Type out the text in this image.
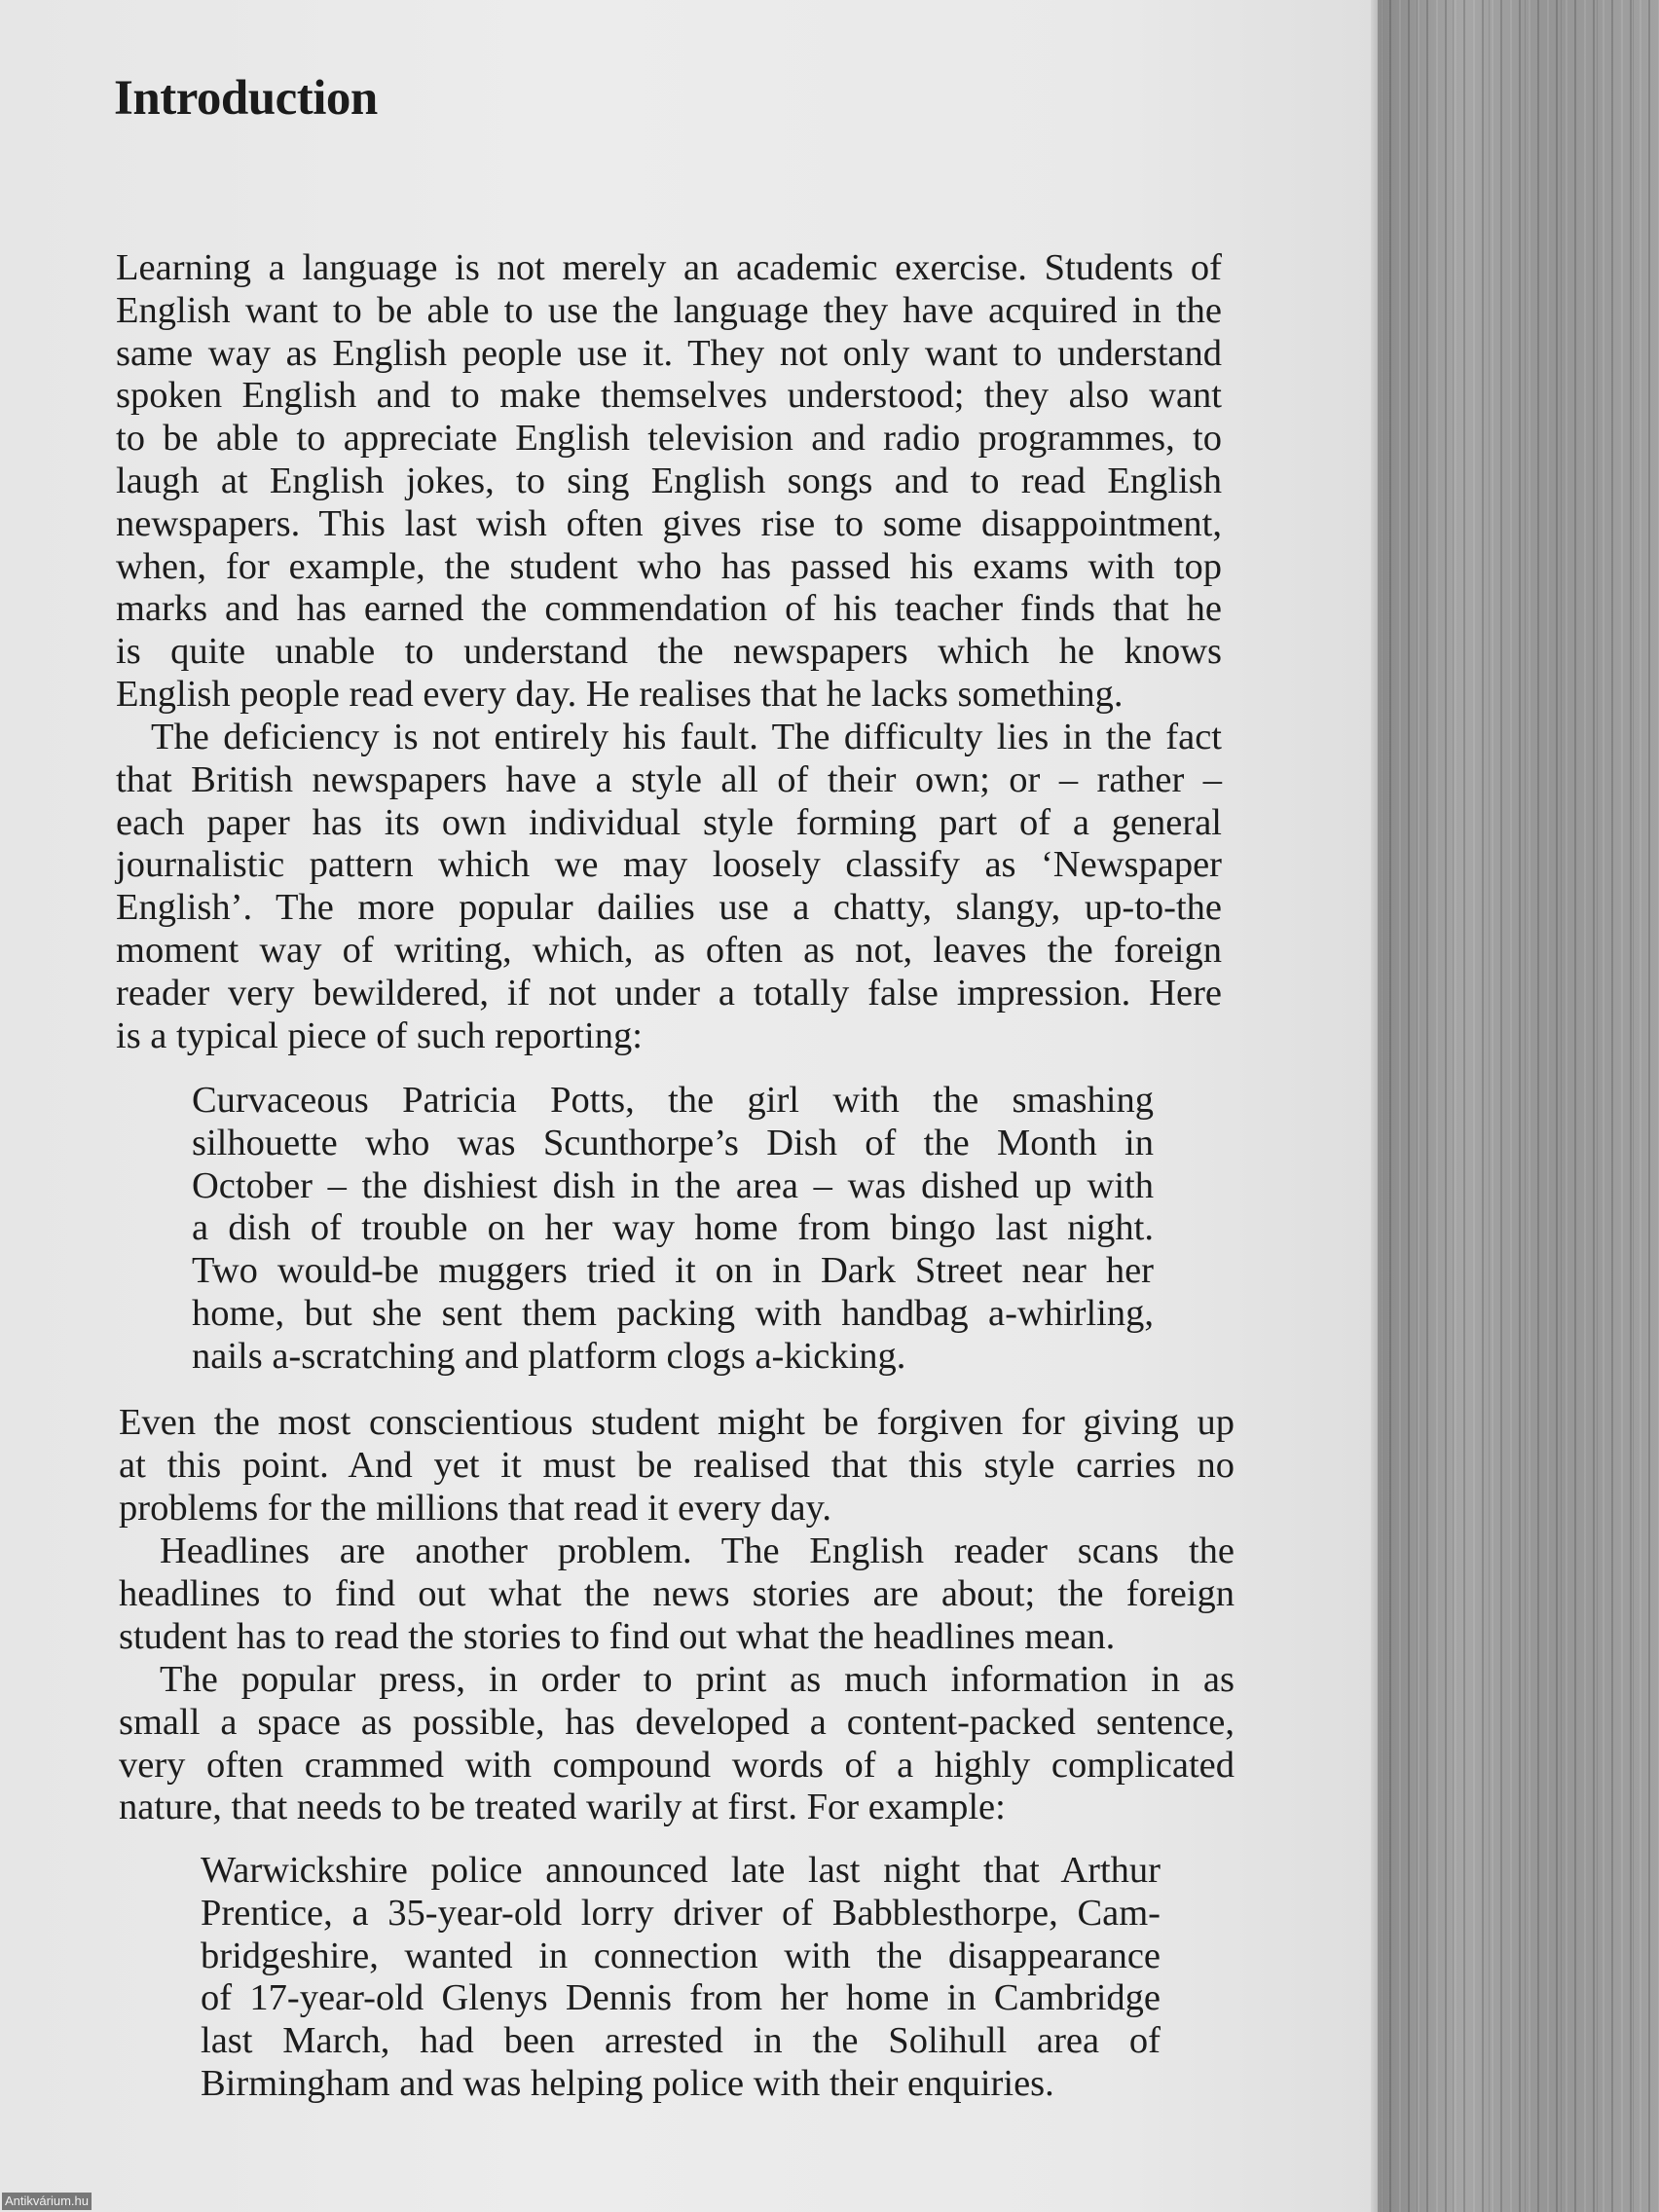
Introduction
Learning a language is not merely an academic exercise. Students of
English want to be able to use the language they have acquired in the
same way as English people use it. They not only want to understand
spoken English and to make themselves understood; they also want
to be able to appreciate English television and radio programmes, to
laugh at English jokes, to sing English songs and to read English
newspapers. This last wish often gives rise to some disappointment,
when, for example, the student who has passed his exams with top
marks and has earned the commendation of his teacher finds that he
is quite unable to understand the newspapers which he knows
English people read every day. He realises that he lacks something.
The deficiency is not entirely his fault. The difficulty lies in the fact
that British newspapers have a style all of their own; or – rather –
each paper has its own individual style forming part of a general
journalistic pattern which we may loosely classify as ‘Newspaper
English’. The more popular dailies use a chatty, slangy, up-to-the
moment way of writing, which, as often as not, leaves the foreign
reader very bewildered, if not under a totally false impression. Here
is a typical piece of such reporting:
Curvaceous Patricia Potts, the girl with the smashing
silhouette who was Scunthorpe’s Dish of the Month in
October – the dishiest dish in the area – was dished up with
a dish of trouble on her way home from bingo last night.
Two would-be muggers tried it on in Dark Street near her
home, but she sent them packing with handbag a-whirling,
nails a-scratching and platform clogs a-kicking.
Even the most conscientious student might be forgiven for giving up
at this point. And yet it must be realised that this style carries no
problems for the millions that read it every day.
Headlines are another problem. The English reader scans the
headlines to find out what the news stories are about; the foreign
student has to read the stories to find out what the headlines mean.
The popular press, in order to print as much information in as
small a space as possible, has developed a content-packed sentence,
very often crammed with compound words of a highly complicated
nature, that needs to be treated warily at first. For example:
Warwickshire police announced late last night that Arthur
Prentice, a 35-year-old lorry driver of Babblesthorpe, Cam-
bridgeshire, wanted in connection with the disappearance
of 17-year-old Glenys Dennis from her home in Cambridge
last March, had been arrested in the Solihull area of
Birmingham and was helping police with their enquiries.
Antikvárium.hu
